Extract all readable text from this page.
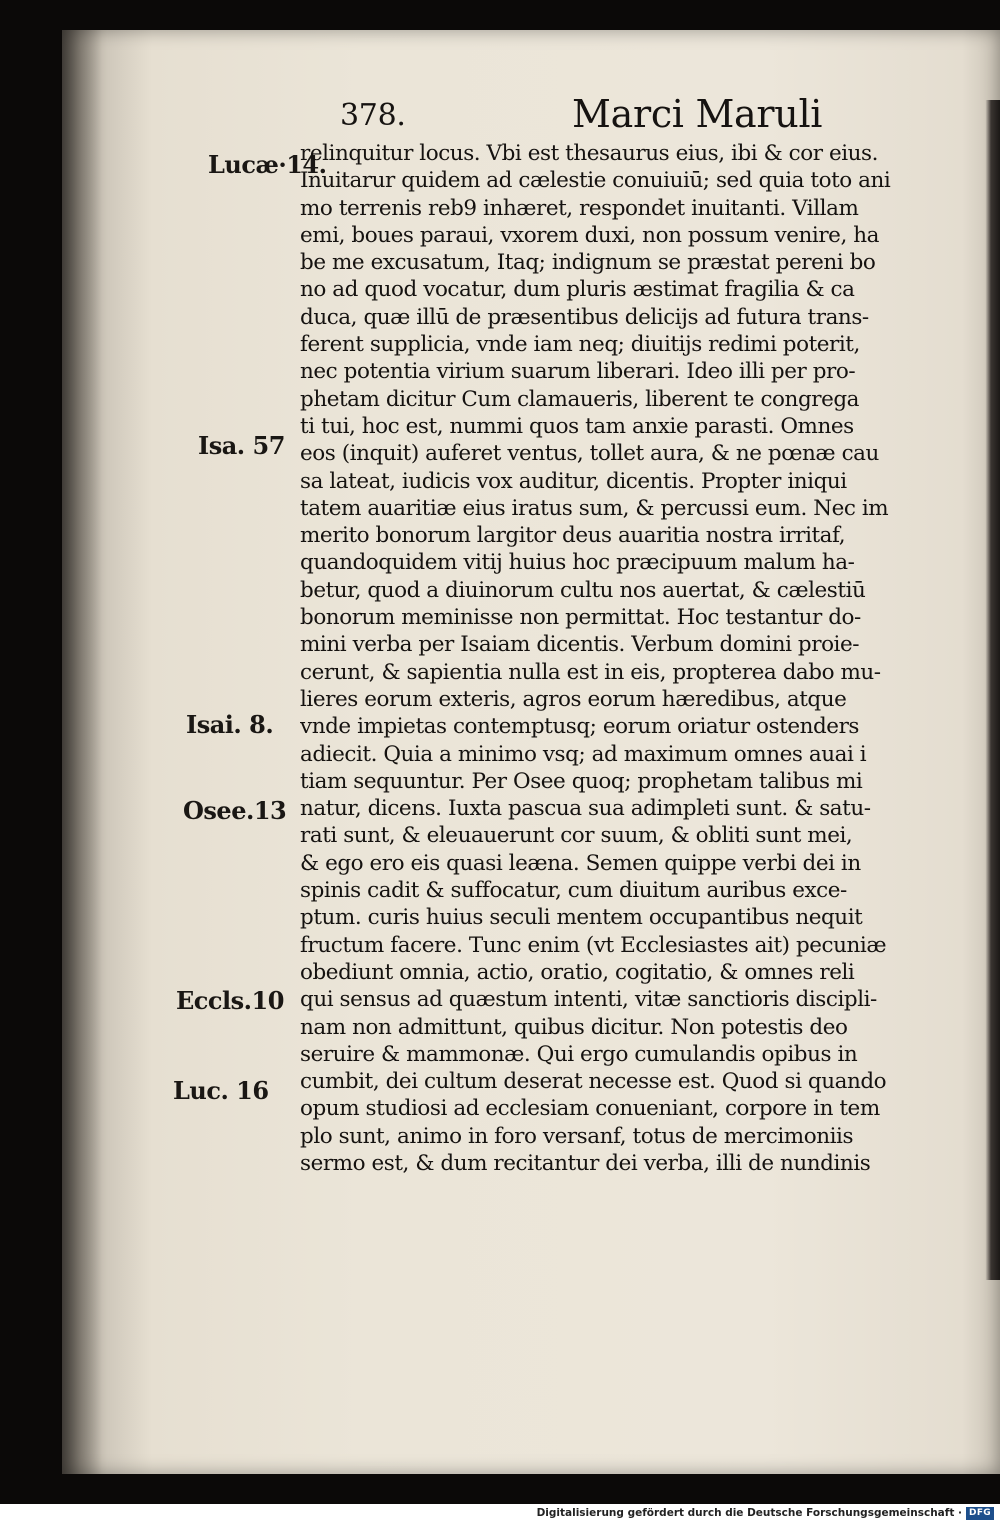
378.	Marci Maruli
Lucæ·14.
Isa. 57
Isai. 8.
Osee.13
Eccls.10
Luc. 16
relinquitur locus. Vbi est thesaurus eius, ibi & cor eius.
Inuitarur quidem ad cælestie conuiuiū; sed quia toto ani
mo terrenis reb9 inhæret, respondet inuitanti. Villam
emi, boues paraui, vxorem duxi, non possum venire, ha
be me excusatum, Itaq; indignum se præstat pereni bo
no ad quod vocatur, dum pluris æstimat fragilia & ca
duca, quæ illū de præsentibus delicijs ad futura trans-
ferent supplicia, vnde iam neq; diuitijs redimi poterit,
nec potentia virium suarum liberari. Ideo illi per pro-
phetam dicitur Cum clamaueris, liberent te congrega
ti tui, hoc est, nummi quos tam anxie parasti. Omnes
eos (inquit) auferet ventus, tollet aura, & ne pœnæ cau
sa lateat, iudicis vox auditur, dicentis. Propter iniqui
tatem auaritiæ eius iratus sum, & percussi eum. Nec im
merito bonorum largitor deus auaritia nostra irritaf,
quandoquidem vitij huius hoc præcipuum malum ha-
betur, quod a diuinorum cultu nos auertat, & cælestiū
bonorum meminisse non permittat. Hoc testantur do-
mini verba per Isaiam dicentis. Verbum domini proie-
cerunt, & sapientia nulla est in eis, propterea dabo mu-
lieres eorum exteris, agros eorum hæredibus, atque
vnde impietas contemptusq; eorum oriatur ostenders
adiecit. Quia a minimo vsq; ad maximum omnes auai i
tiam sequuntur. Per Osee quoq; prophetam talibus mi
natur, dicens. Iuxta pascua sua adimpleti sunt. & satu-
rati sunt, & eleuauerunt cor suum, & obliti sunt mei,
& ego ero eis quasi leæna. Semen quippe verbi dei in
spinis cadit & suffocatur, cum diuitum auribus exce-
ptum. curis huius seculi mentem occupantibus nequit
fructum facere. Tunc enim (vt Ecclesiastes ait) pecuniæ
obediunt omnia, actio, oratio, cogitatio, & omnes reli
qui sensus ad quæstum intenti, vitæ sanctioris discipli-
nam non admittunt, quibus dicitur. Non potestis deo
seruire & mammonæ. Qui ergo cumulandis opibus in
cumbit, dei cultum deserat necesse est. Quod si quando
opum studiosi ad ecclesiam conueniant, corpore in tem
plo sunt, animo in foro versanf, totus de mercimoniis
sermo est, & dum recitantur dei verba, illi de nundinis
Digitalisierung gefördert durch die Deutsche Forschungsgemeinschaft · DFG
